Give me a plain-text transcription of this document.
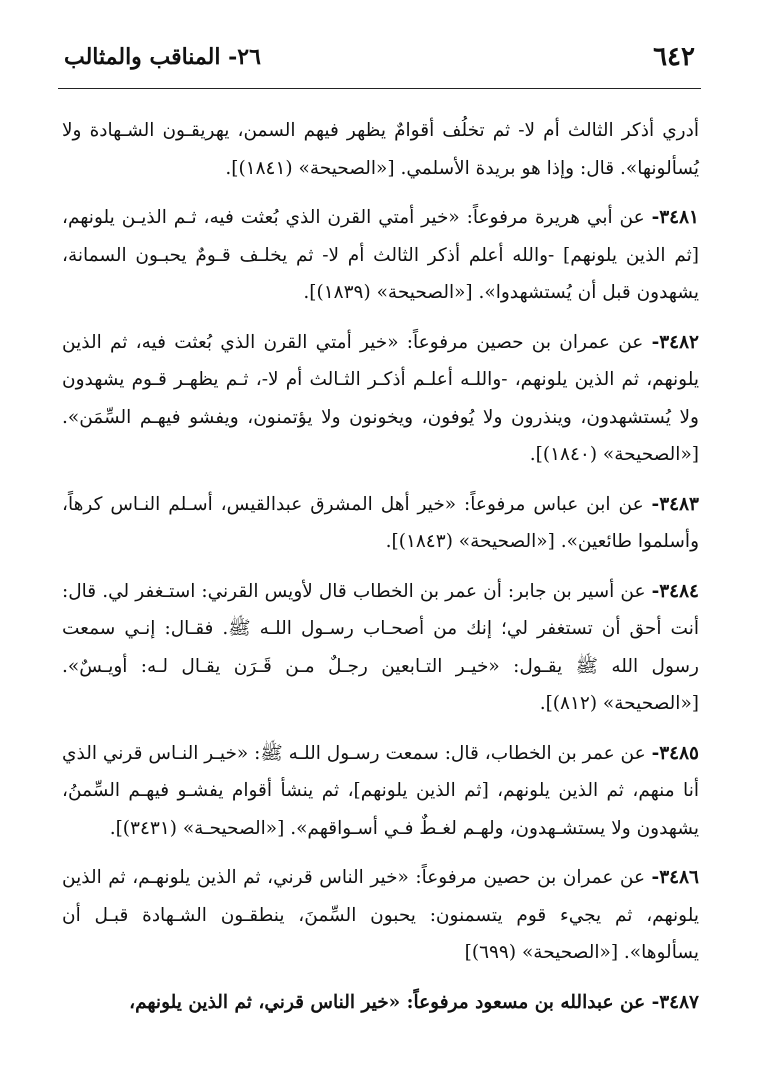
٦٤٢
٢٦- المناقب والمثالب

أدري أذكر الثالث أم لا- ثم تخلُف أقوامٌ يظهر فيهم السمن، يهريقـون الشـهادة ولا يُسألونها». قال: وإذا هو بريدة الأسلمي. [«الصحيحة» (١٨٤١)].

٣٤٨١- عن أبي هريرة مرفوعاً: «خير أمتي القرن الذي بُعثت فيه، ثـم الذيـن يلونهم، [ثم الذين يلونهم] -والله أعلم أذكر الثالث أم لا- ثم يخلـف قـومٌ يحبـون السمانة، يشهدون قبل أن يُستشهدوا». [«الصحيحة» (١٨٣٩)].

٣٤٨٢- عن عمران بن حصين مرفوعاً: «خير أمتي القرن الذي بُعثت فيه، ثم الذين يلونهم، ثم الذين يلونهم، -واللـه أعلـم أذكـر الثـالث أم لا-، ثـم يظهـر قـوم يشهدون ولا يُستشهدون، وينذرون ولا يُوفون، ويخونون ولا يؤتمنون، ويفشو فيهـم السِّمَن». [«الصحيحة» (١٨٤٠)].

٣٤٨٣- عن ابن عباس مرفوعاً: «خير أهل المشرق عبدالقيس، أسـلم النـاس كرهاً، وأسلموا طائعين». [«الصحيحة» (١٨٤٣)].

٣٤٨٤- عن أسير بن جابر: أن عمر بن الخطاب قال لأويس القرني: استـغفر لي. قال: أنت أحق أن تستغفر لي؛ إنك من أصحـاب رسـول اللـه ﷺ. فقـال: إنـي سمعت رسول الله ﷺ يقـول: «خيـر التـابعين رجـلٌ مـن قَـرَن يقـال لـه: أويـسٌ». [«الصحيحة» (٨١٢)].

٣٤٨٥- عن عمر بن الخطاب، قال: سمعت رسـول اللـه ﷺ: «خيـر النـاس قرني الذي أنا منهم، ثم الذين يلونهم، [ثم الذين يلونهم]، ثم ينشأ أقوام يفشـو فيهـم السِّمنُ، يشهدون ولا يستشـهدون، ولهـم لغـطٌ فـي أسـواقهم». [«الصحيحـة» (٣٤٣١)].

٣٤٨٦- عن عمران بن حصين مرفوعاً: «خير الناس قرني، ثم الذين يلونهـم، ثم الذين يلونهم، ثم يجيء قوم يتسمنون: يحبون السِّمنَ، ينطقـون الشـهادة قبـل أن يسألوها». [«الصحيحة» (٦٩٩)]

٣٤٨٧- عن عبدالله بن مسعود مرفوعاً: «خير الناس قرني، ثم الذين يلونهم،
